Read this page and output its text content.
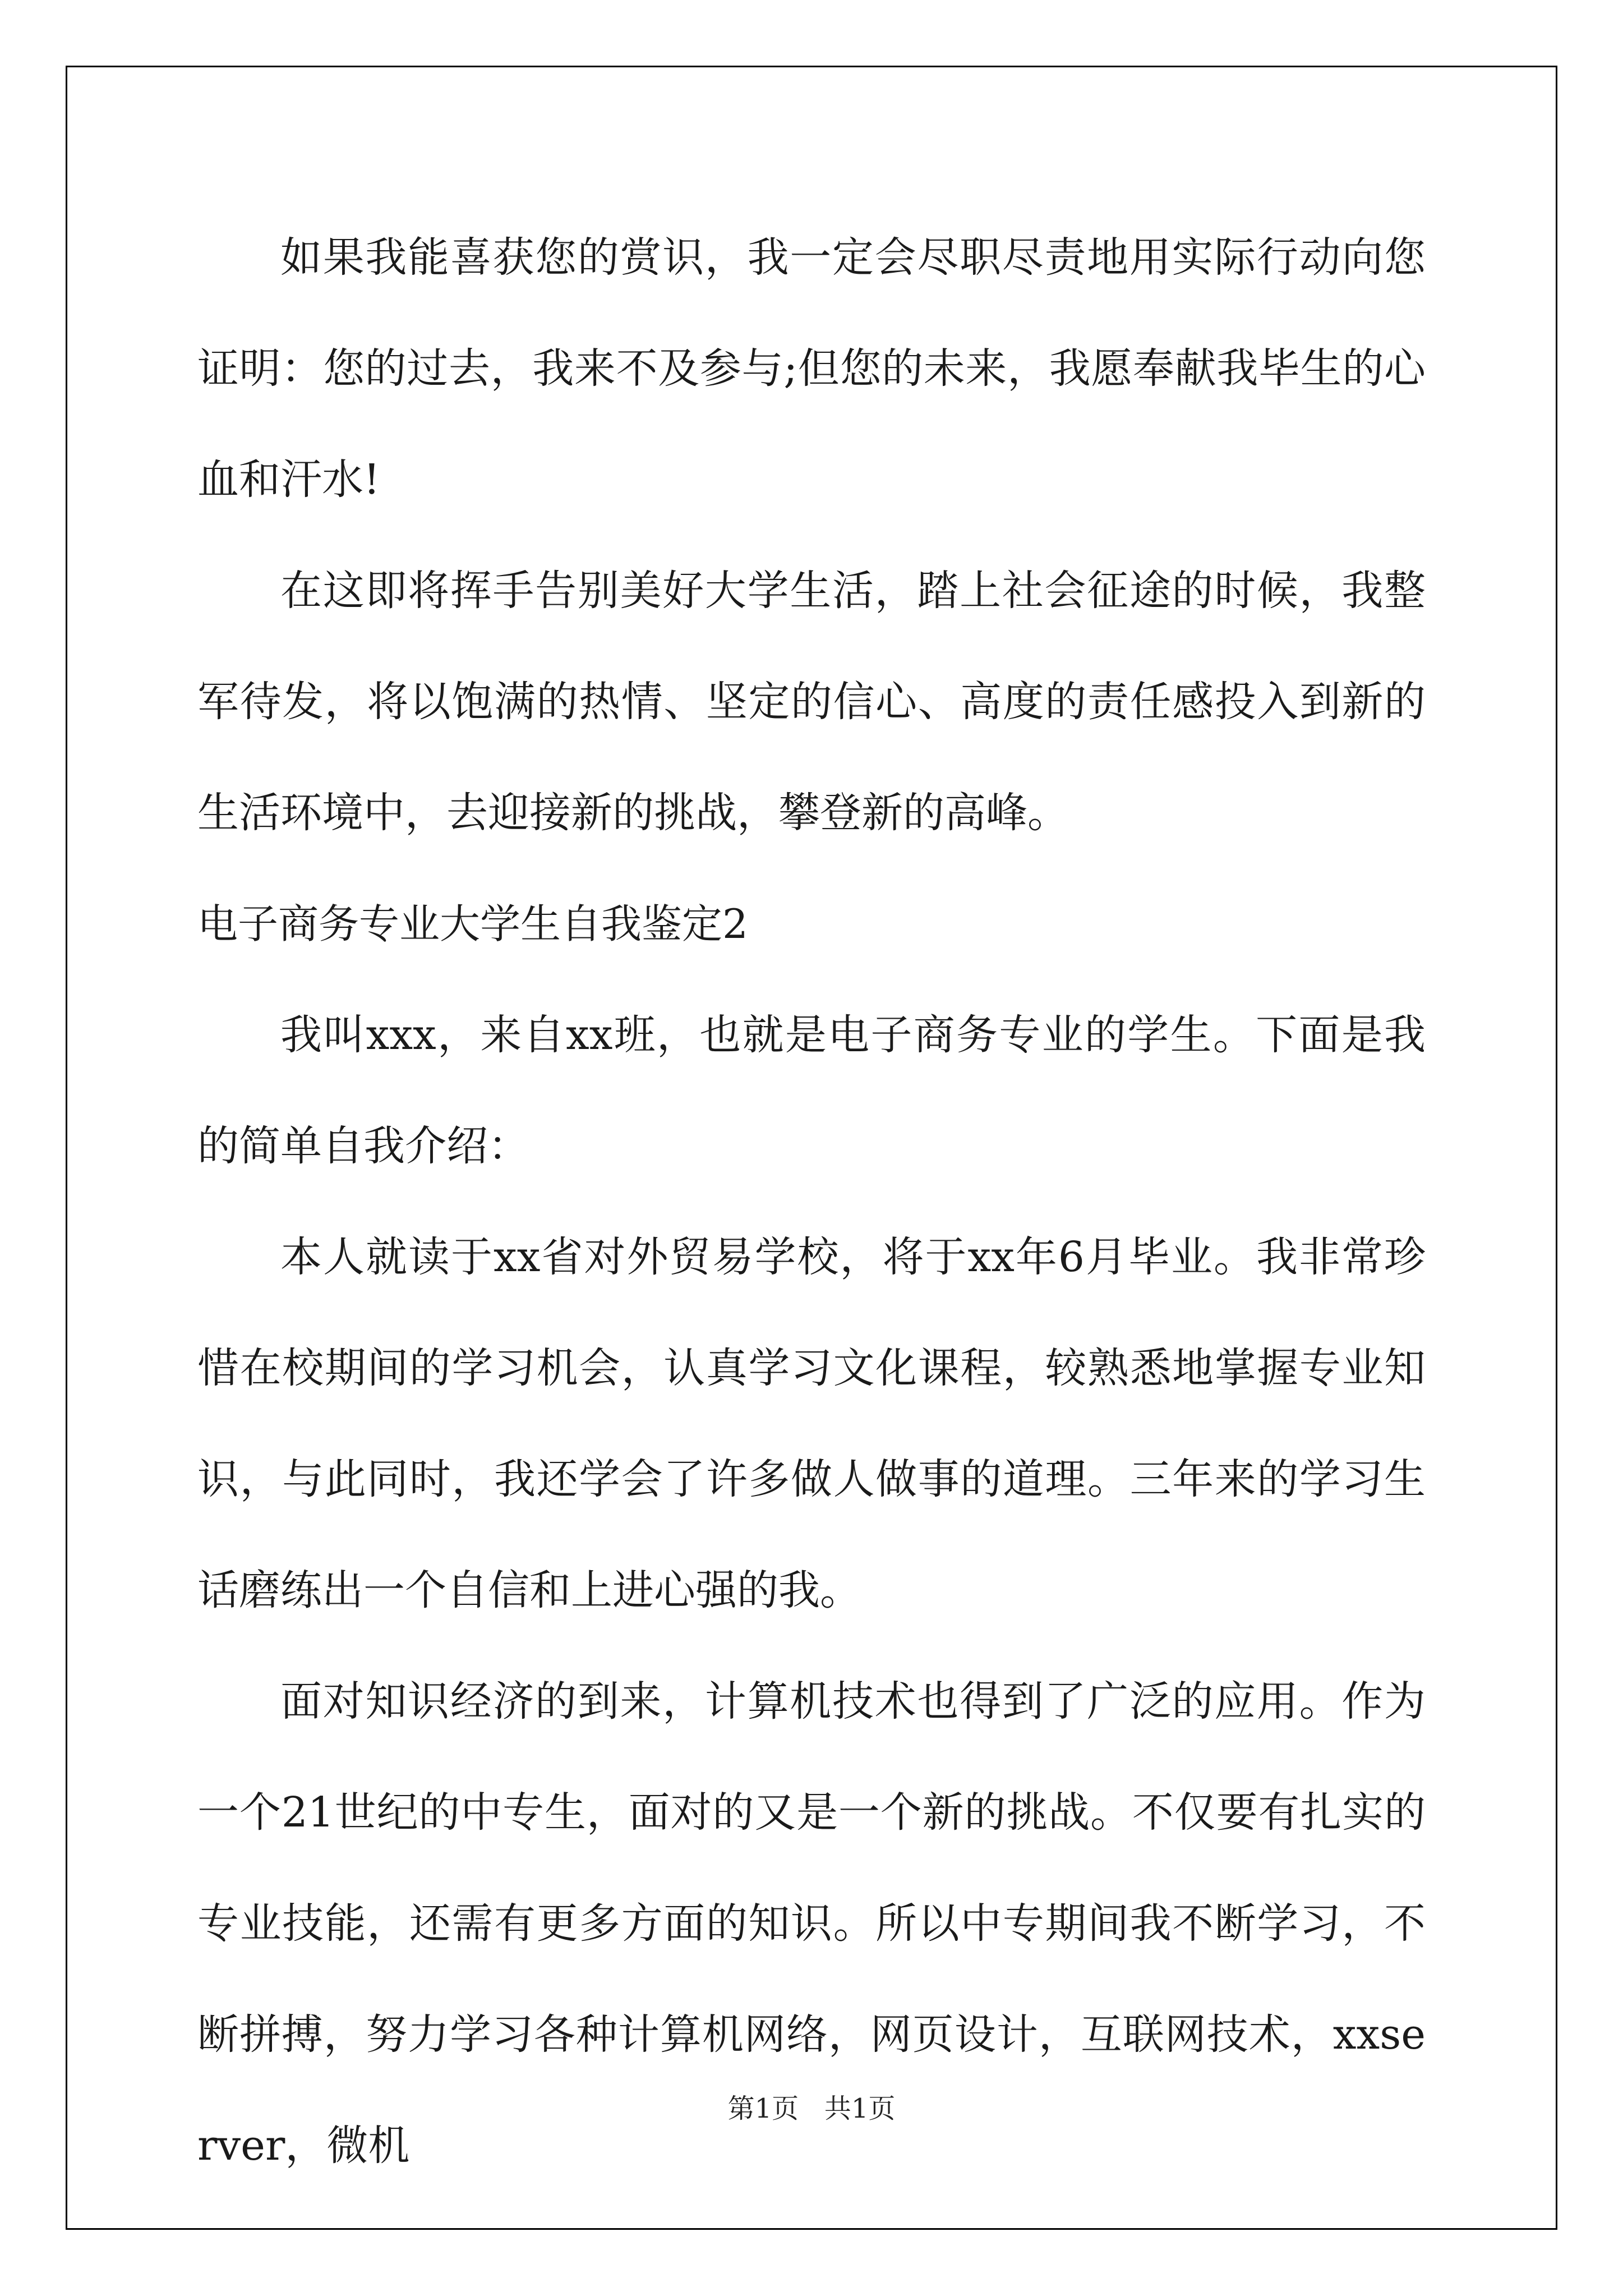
如果我能喜获您的赏识，我一定会尽职尽责地用实际行动向您证明：您的过去，我来不及参与;但您的未来，我愿奉献我毕生的心血和汗水!

在这即将挥手告别美好大学生活，踏上社会征途的时候，我整军待发，将以饱满的热情、坚定的信心、高度的责任感投入到新的生活环境中，去迎接新的挑战，攀登新的高峰。

电子商务专业大学生自我鉴定2

我叫xxx，来自xx班，也就是电子商务专业的学生。下面是我的简单自我介绍：

本人就读于xx省对外贸易学校，将于xx年6月毕业。我非常珍惜在校期间的学习机会，认真学习文化课程，较熟悉地掌握专业知识，与此同时，我还学会了许多做人做事的道理。三年来的学习生话磨练出一个自信和上进心强的我。

面对知识经济的到来，计算机技术也得到了广泛的应用。作为一个21世纪的中专生，面对的又是一个新的挑战。不仅要有扎实的专业技能，还需有更多方面的知识。所以中专期间我不断学习，不断拼搏，努力学习各种计算机网络，网页设计，互联网技术，xxserver，微机

第1页   共1页
